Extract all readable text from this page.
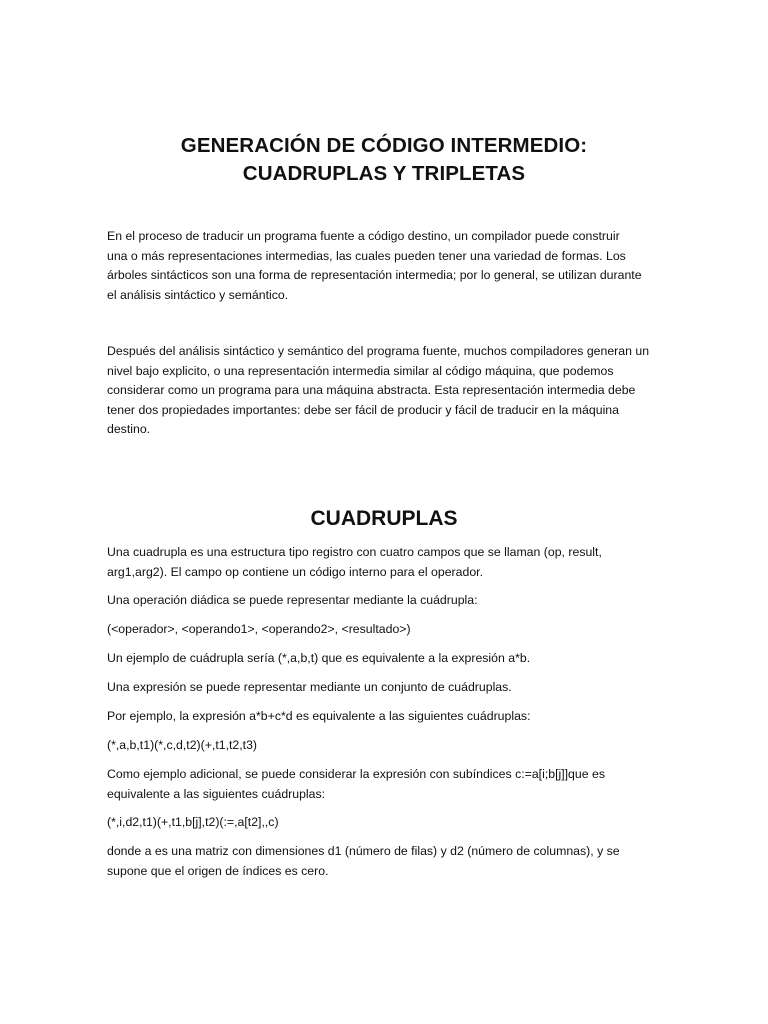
GENERACIÓN DE CÓDIGO INTERMEDIO:
CUADRUPLAS Y TRIPLETAS
En el proceso de traducir un programa fuente a código destino, un compilador puede construir
una o más representaciones intermedias, las cuales pueden tener una variedad de formas. Los
árboles sintácticos son una forma de representación intermedia; por lo general, se utilizan durante
el análisis sintáctico y semántico.
Después del análisis sintáctico y semántico del programa fuente, muchos compiladores generan un
nivel bajo explicito, o una representación intermedia similar al código máquina, que podemos
considerar como un programa para una máquina abstracta. Esta representación intermedia debe
tener dos propiedades importantes: debe ser fácil de producir y fácil de traducir en la máquina
destino.
CUADRUPLAS
Una cuadrupla es una estructura tipo registro con cuatro campos que se llaman (op, result,
arg1,arg2). El campo op contiene un código interno para el operador.
Una operación diádica se puede representar mediante la cuádrupla:
(<operador>, <operando1>, <operando2>, <resultado>)
Un ejemplo de cuádrupla sería (*,a,b,t) que es equivalente a la expresión a*b.
Una expresión se puede representar mediante un conjunto de cuádruplas.
Por ejemplo, la expresión a*b+c*d es equivalente a las siguientes cuádruplas:
(*,a,b,t1)(*,c,d,t2)(+,t1,t2,t3)
Como ejemplo adicional, se puede considerar la expresión con subíndices c:=a[i;b[j]]que es
equivalente a las siguientes cuádruplas:
(*,i,d2,t1)(+,t1,b[j],t2)(:=,a[t2],,c)
donde a es una matriz con dimensiones d1 (número de filas) y d2 (número de columnas), y se
supone que el origen de índices es cero.
